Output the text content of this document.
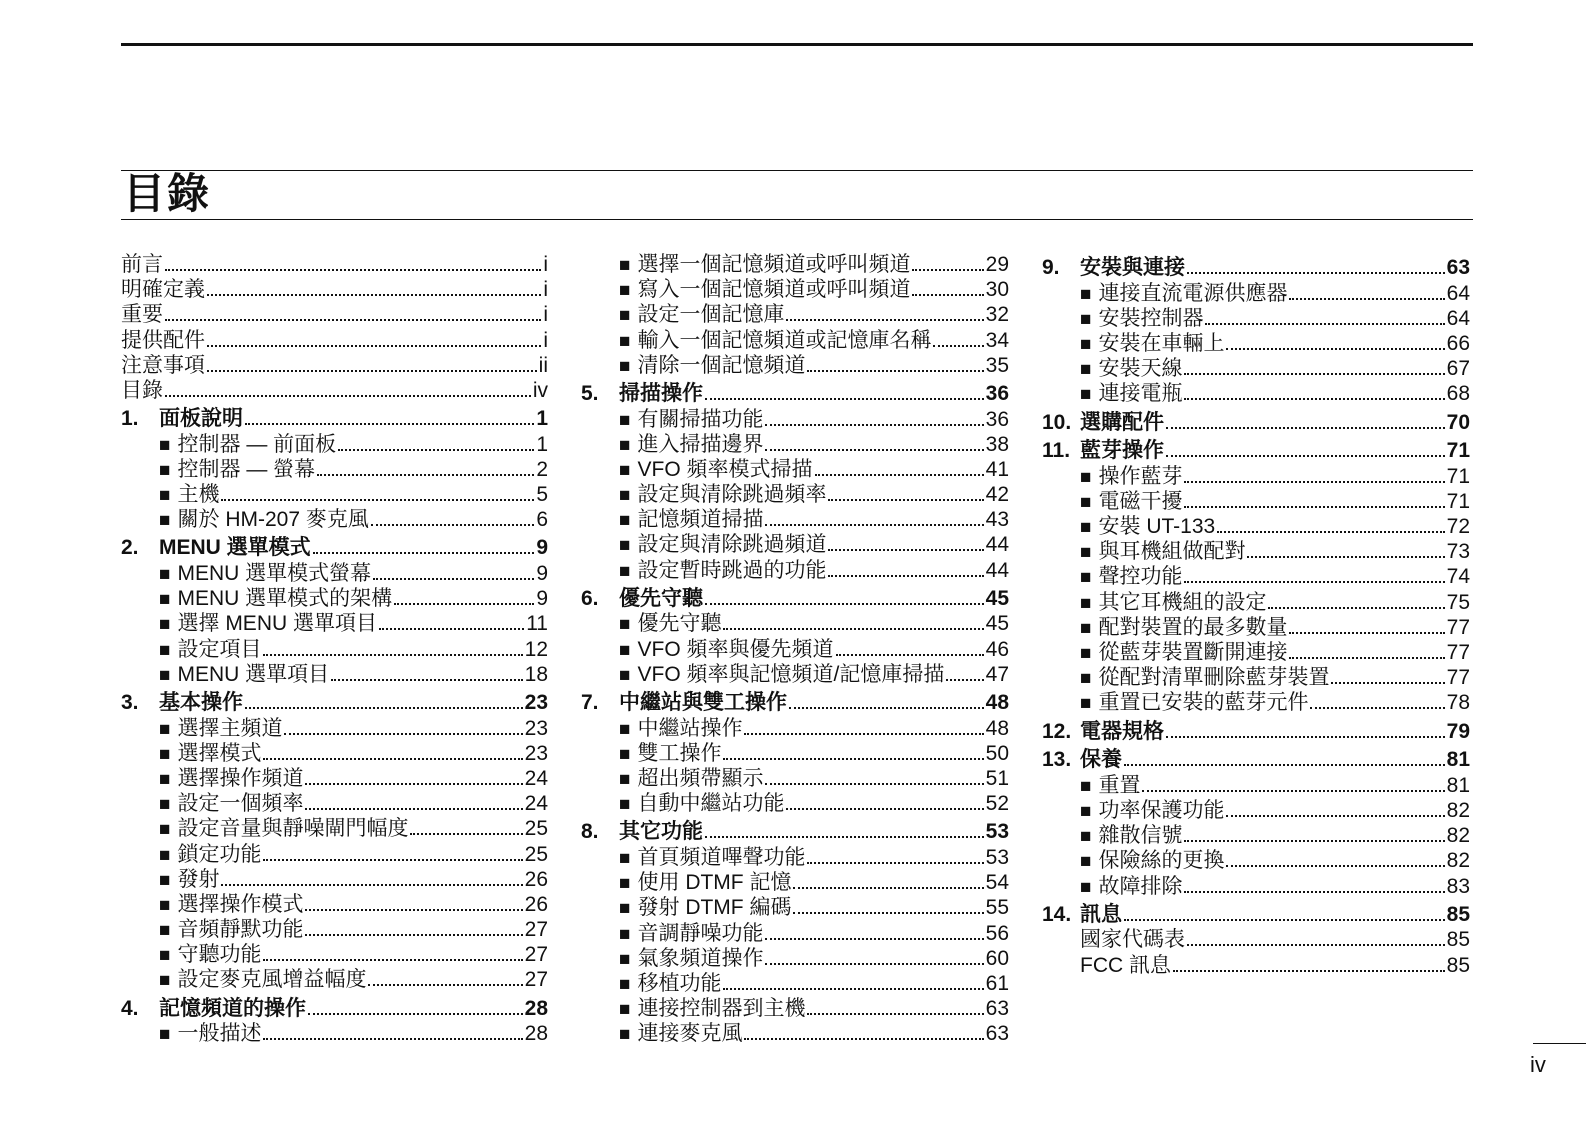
目錄
前言	i
明確定義	i
重要	i
提供配件	i
注意事項	ii
目錄	iv
1. 面板說明	1
■ 控制器 — 前面板	1
■ 控制器 — 螢幕	2
■ 主機	5
■ 關於 HM-207 麥克風	6
2. MENU 選單模式	9
■ MENU 選單模式螢幕	9
■ MENU 選單模式的架構	9
■ 選擇 MENU 選單項目	11
■ 設定項目	12
■ MENU 選單項目	18
3. 基本操作	23
■ 選擇主頻道	23
■ 選擇模式	23
■ 選擇操作頻道	24
■ 設定一個頻率	24
■ 設定音量與靜噪閘門幅度	25
■ 鎖定功能	25
■ 發射	26
■ 選擇操作模式	26
■ 音頻靜默功能	27
■ 守聽功能	27
■ 設定麥克風增益幅度	27
4. 記憶頻道的操作	28
■ 一般描述	28
■ 選擇一個記憶頻道或呼叫頻道	29
■ 寫入一個記憶頻道或呼叫頻道	30
■ 設定一個記憶庫	32
■ 輸入一個記憶頻道或記憶庫名稱	34
■ 清除一個記憶頻道	35
5. 掃描操作	36
■ 有關掃描功能	36
■ 進入掃描邊界	38
■ VFO 頻率模式掃描	41
■ 設定與清除跳過頻率	42
■ 記憶頻道掃描	43
■ 設定與清除跳過頻道	44
■ 設定暫時跳過的功能	44
6. 優先守聽	45
■ 優先守聽	45
■ VFO 頻率與優先頻道	46
■ VFO 頻率與記憶頻道/記憶庫掃描 47
7. 中繼站與雙工操作	48
■ 中繼站操作	48
■ 雙工操作	50
■ 超出頻帶顯示	51
■ 自動中繼站功能	52
8. 其它功能	53
■ 首頁頻道嗶聲功能	53
■ 使用 DTMF 記憶	54
■ 發射 DTMF 編碼	55
■ 音調靜噪功能	56
■ 氣象頻道操作	60
■ 移植功能	61
■ 連接控制器到主機	63
■ 連接麥克風	63
9. 安裝與連接	63
■ 連接直流電源供應器	64
■ 安裝控制器	64
■ 安裝在車輛上	66
■ 安裝天線	67
■ 連接電瓶	68
10. 選購配件	70
11. 藍芽操作	71
■ 操作藍芽	71
■ 電磁干擾	71
■ 安裝 UT-133	72
■ 與耳機組做配對	73
■ 聲控功能	74
■ 其它耳機組的設定	75
■ 配對裝置的最多數量	77
■ 從藍芽裝置斷開連接	77
■ 從配對清單刪除藍芽裝置	77
■ 重置已安裝的藍芽元件	78
12. 電器規格	79
13. 保養	81
■ 重置	81
■ 功率保護功能	82
■ 雜散信號	82
■ 保險絲的更換	82
■ 故障排除	83
14. 訊息	85
國家代碼表	85
FCC 訊息	85
iv
